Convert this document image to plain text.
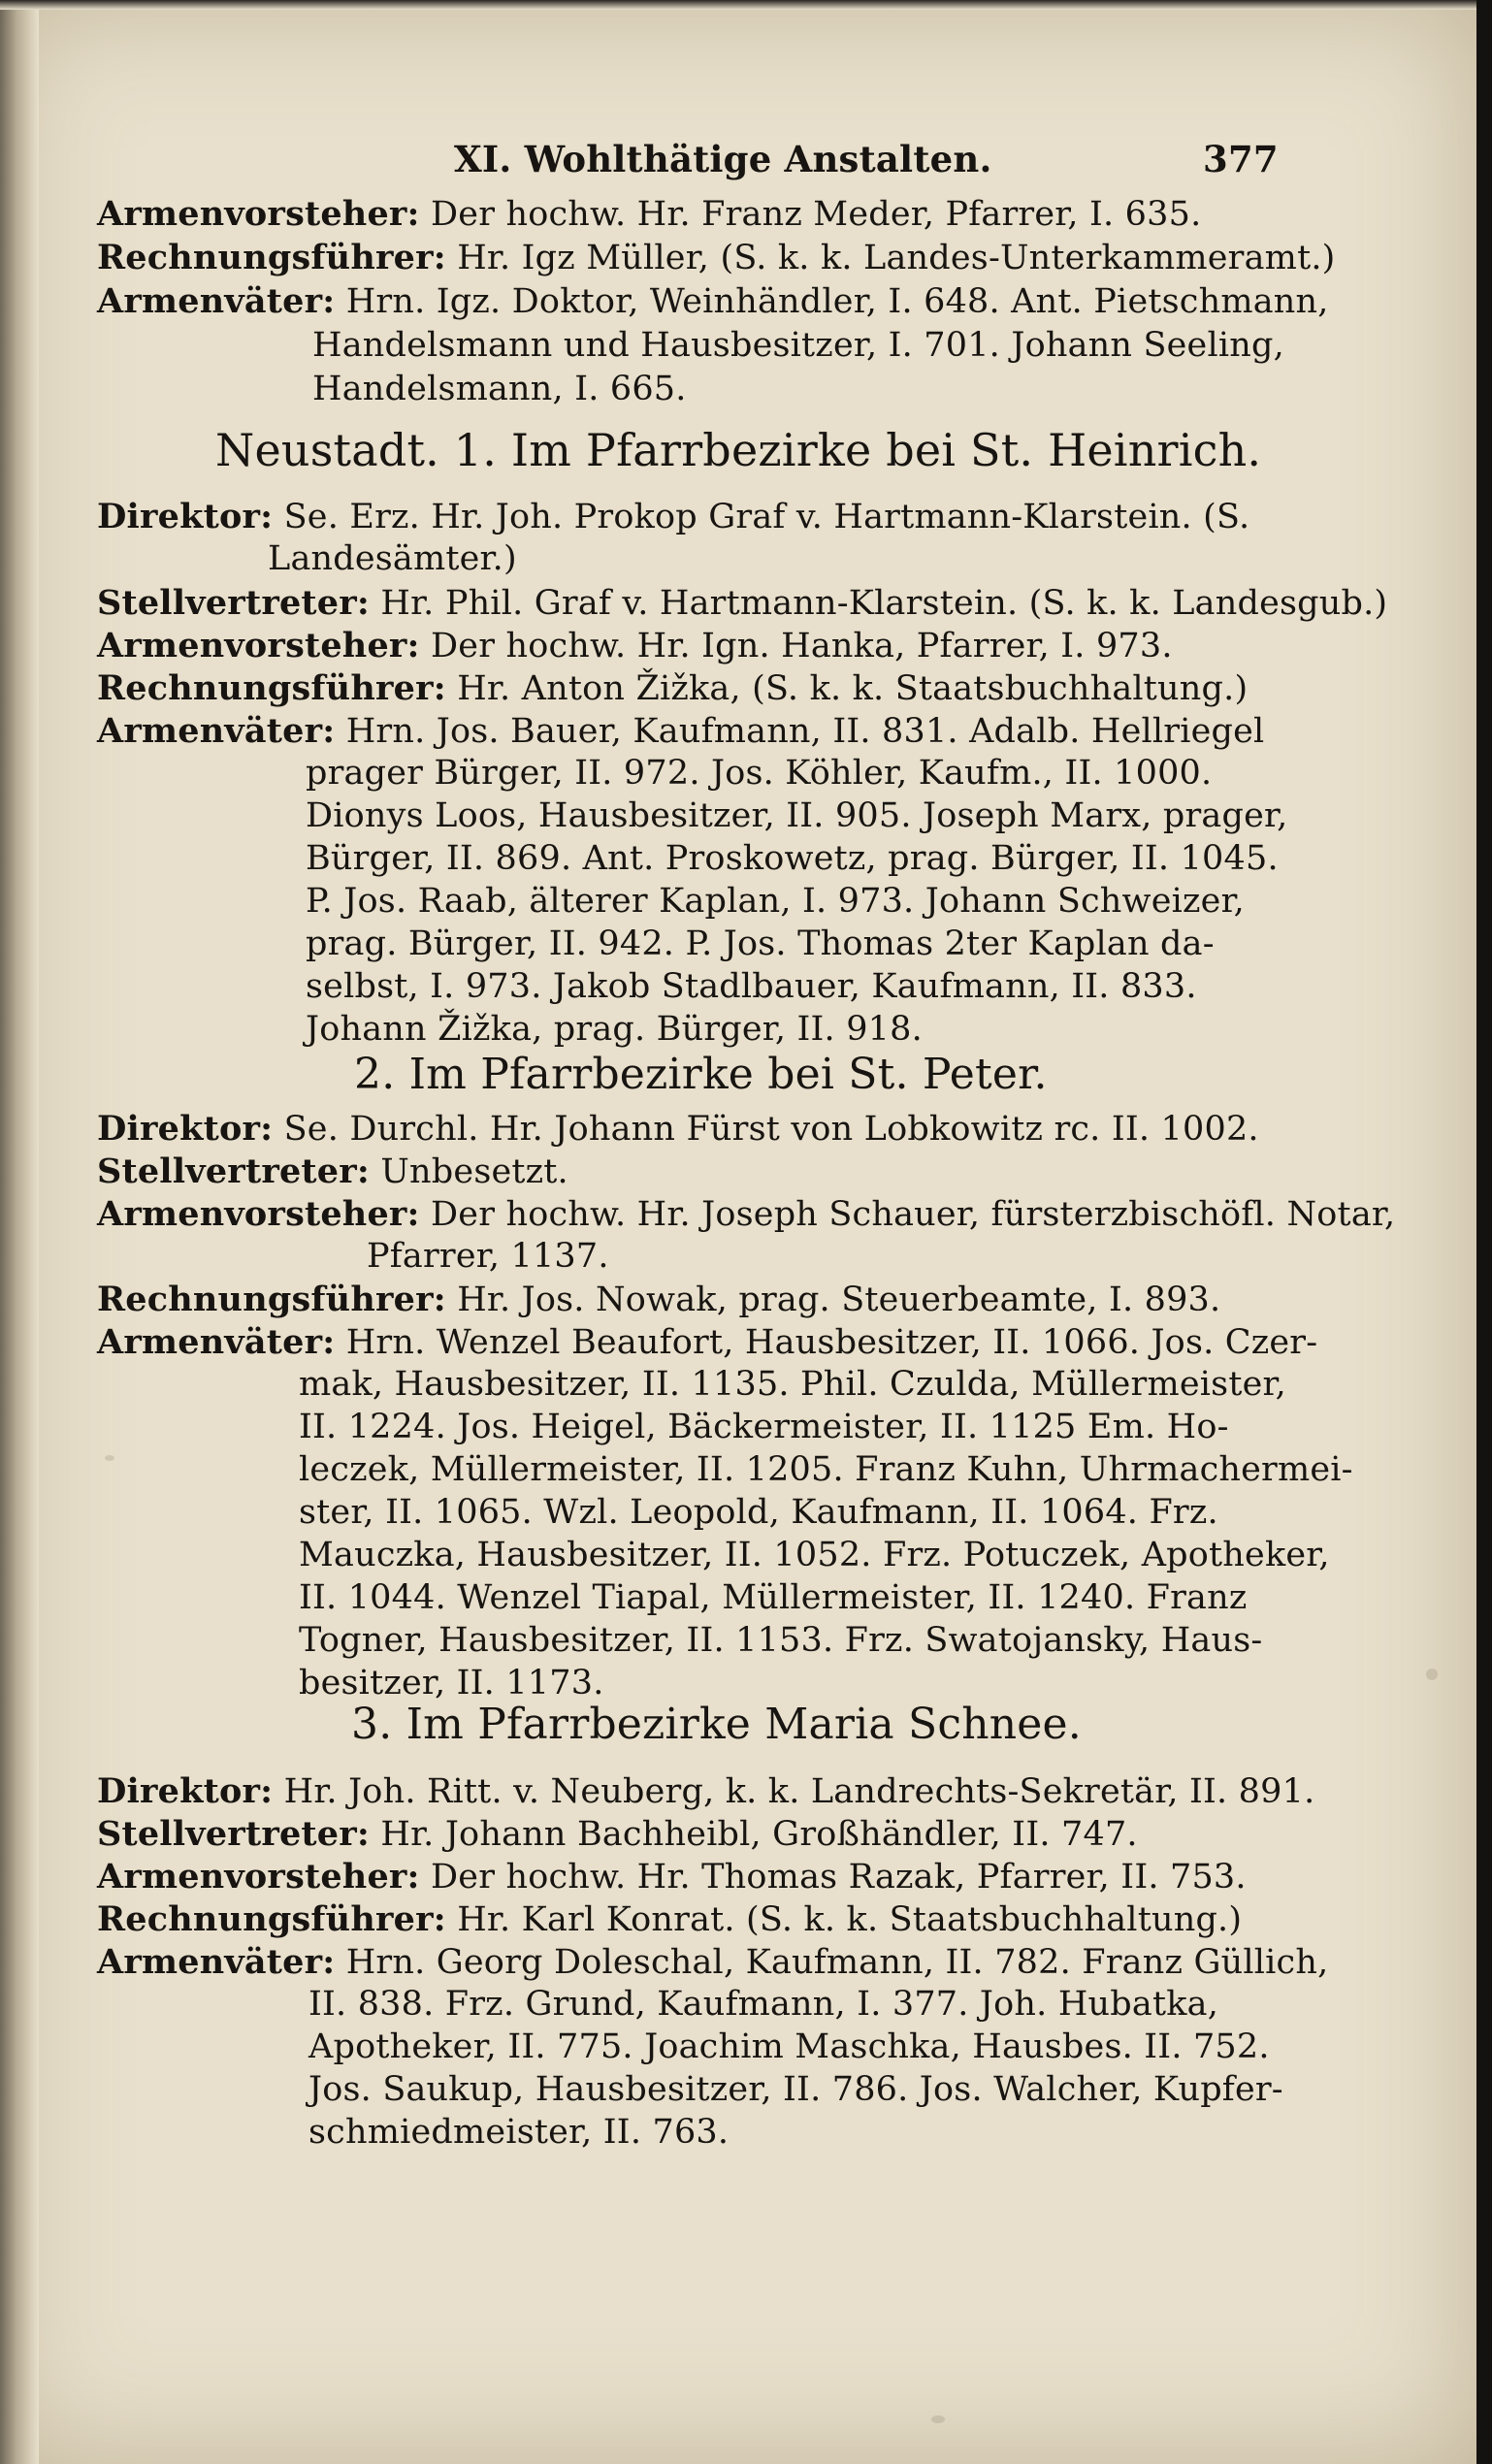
XI. Wohlthätige Anstalten.	377
Armenvorsteher: Der hochw. Hr. Franz Meder, Pfarrer, I. 635.
Rechnungsführer: Hr. Igz Müller, (S. k. k. Landes-Unterkammeramt.)
Armenväter: Hrn. Igz. Doktor, Weinhändler, I. 648. Ant. Pietschmann,
Handelsmann und Hausbesitzer, I. 701. Johann Seeling,
Handelsmann, I. 665.
Neustadt. 1. Im Pfarrbezirke bei St. Heinrich.
Direktor: Se. Erz. Hr. Joh. Prokop Graf v. Hartmann-Klarstein. (S.
Landesämter.)
Stellvertreter: Hr. Phil. Graf v. Hartmann-Klarstein. (S. k. k. Landesgub.)
Armenvorsteher: Der hochw. Hr. Ign. Hanka, Pfarrer, I. 973.
Rechnungsführer: Hr. Anton Žižka, (S. k. k. Staatsbuchhaltung.)
Armenväter: Hrn. Jos. Bauer, Kaufmann, II. 831. Adalb. Hellriegel
prager Bürger, II. 972. Jos. Köhler, Kaufm., II. 1000.
Dionys Loos, Hausbesitzer, II. 905. Joseph Marx, prager,
Bürger, II. 869. Ant. Proskowetz, prag. Bürger, II. 1045.
P. Jos. Raab, älterer Kaplan, I. 973. Johann Schweizer,
prag. Bürger, II. 942. P. Jos. Thomas 2ter Kaplan da-
selbst, I. 973. Jakob Stadlbauer, Kaufmann, II. 833.
Johann Žižka, prag. Bürger, II. 918.
2. Im Pfarrbezirke bei St. Peter.
Direktor: Se. Durchl. Hr. Johann Fürst von Lobkowitz rc. II. 1002.
Stellvertreter: Unbesetzt.
Armenvorsteher: Der hochw. Hr. Joseph Schauer, fürsterzbischöfl. Notar,
Pfarrer, 1137.
Rechnungsführer: Hr. Jos. Nowak, prag. Steuerbeamte, I. 893.
Armenväter: Hrn. Wenzel Beaufort, Hausbesitzer, II. 1066. Jos. Czer-
mak, Hausbesitzer, II. 1135. Phil. Czulda, Müllermeister,
II. 1224. Jos. Heigel, Bäckermeister, II. 1125 Em. Ho-
leczek, Müllermeister, II. 1205. Franz Kuhn, Uhrmachermei-
ster, II. 1065. Wzl. Leopold, Kaufmann, II. 1064. Frz.
Mauczka, Hausbesitzer, II. 1052. Frz. Potuczek, Apotheker,
II. 1044. Wenzel Tiapal, Müllermeister, II. 1240. Franz
Togner, Hausbesitzer, II. 1153. Frz. Swatojansky, Haus-
besitzer, II. 1173.
3. Im Pfarrbezirke Maria Schnee.
Direktor: Hr. Joh. Ritt. v. Neuberg, k. k. Landrechts-Sekretär, II. 891.
Stellvertreter: Hr. Johann Bachheibl, Großhändler, II. 747.
Armenvorsteher: Der hochw. Hr. Thomas Razak, Pfarrer, II. 753.
Rechnungsführer: Hr. Karl Konrat. (S. k. k. Staatsbuchhaltung.)
Armenväter: Hrn. Georg Doleschal, Kaufmann, II. 782. Franz Güllich,
II. 838. Frz. Grund, Kaufmann, I. 377. Joh. Hubatka,
Apotheker, II. 775. Joachim Maschka, Hausbes. II. 752.
Jos. Saukup, Hausbesitzer, II. 786. Jos. Walcher, Kupfer-
schmiedmeister, II. 763.
